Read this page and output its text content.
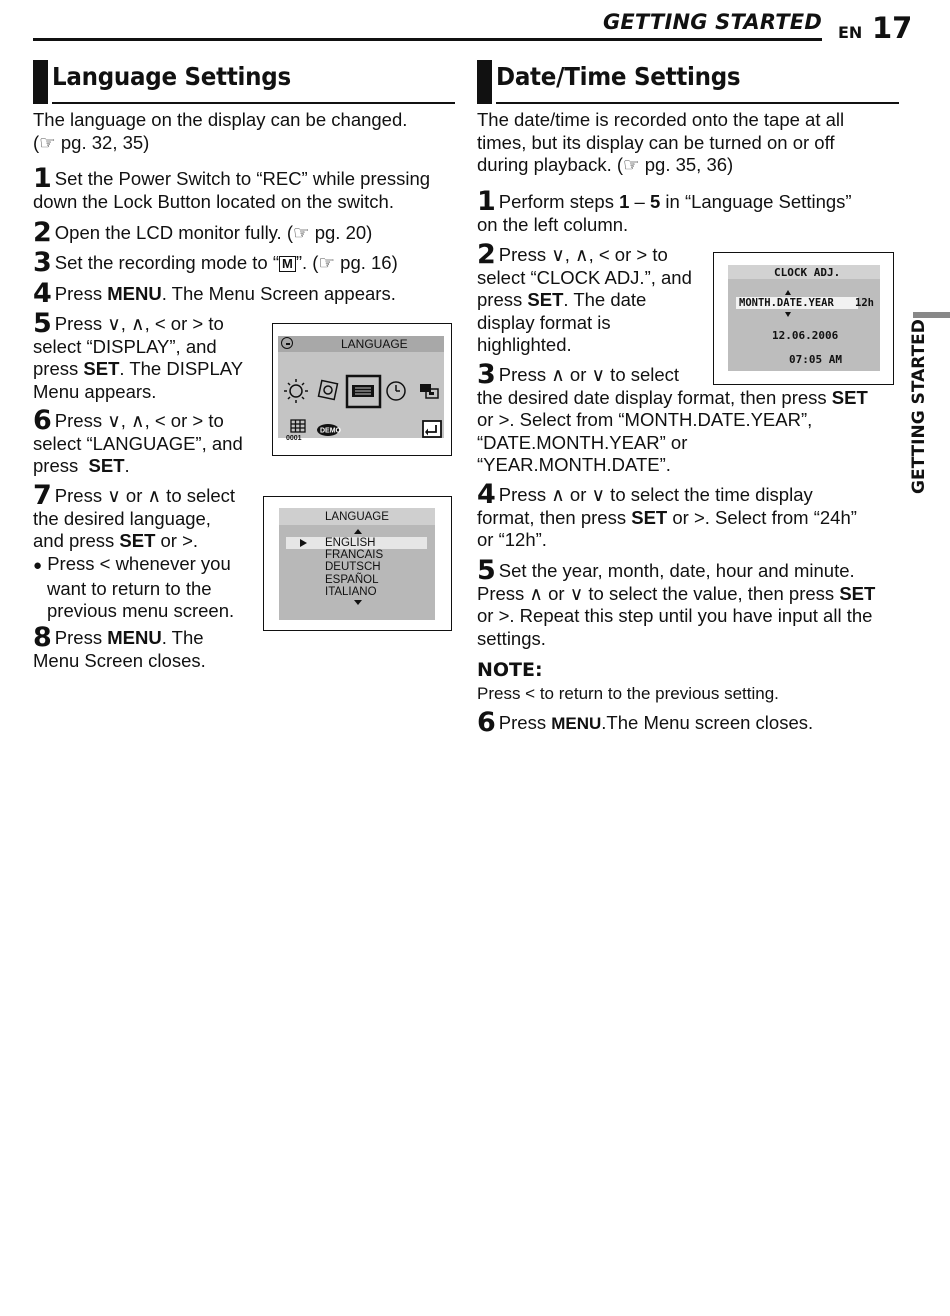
GETTING STARTED EN 17
GETTING STARTED
Language Settings
The language on the display can be changed.
(☞ pg. 32, 35)
1 Set the Power Switch to “REC” while pressing
down the Lock Button located on the switch.
2 Open the LCD monitor fully. (☞ pg. 20)
3 Set the recording mode to “ M ”. (☞ pg. 16)
4 Press MENU. The Menu Screen appears.
5 Press ∨, ∧, < or > to
select “DISPLAY”, and
press SET. The DISPLAY
Menu appears.
6 Press ∨, ∧, < or > to
select “LANGUAGE”, and
press  SET.
7 Press ∨ or ∧ to select
the desired language,
and press SET or >.
● Press < whenever you
want to return to the
previous menu screen.
8 Press MENU. The
Menu Screen closes.
LANGUAGE
0001
DEMO
LANGUAGE
ENGLISH
FRANCAIS
DEUTSCH
ESPAÑOL
ITALIANO
Date/Time Settings
The date/time is recorded onto the tape at all
times, but its display can be turned on or off
during playback. (☞ pg. 35, 36)
1 Perform steps 1 – 5 in “Language Settings”
on the left column.
2 Press ∨, ∧, < or > to
select “CLOCK ADJ.”, and
press SET. The date
display format is
highlighted.
3 Press ∧ or ∨ to select
the desired date display format, then press SET
or >. Select from “MONTH.DATE.YEAR”,
“DATE.MONTH.YEAR” or
“YEAR.MONTH.DATE”.
4 Press ∧ or ∨ to select the time display
format, then press SET or >. Select from “24h”
or “12h”.
5 Set the year, month, date, hour and minute.
Press ∧ or ∨ to select the value, then press SET
or >. Repeat this step until you have input all the
settings.
NOTE:
Press < to return to the previous setting.
6 Press MENU.The Menu screen closes.
CLOCK ADJ.
MONTH.DATE.YEAR 12h
12.06.2006
07:05 AM
